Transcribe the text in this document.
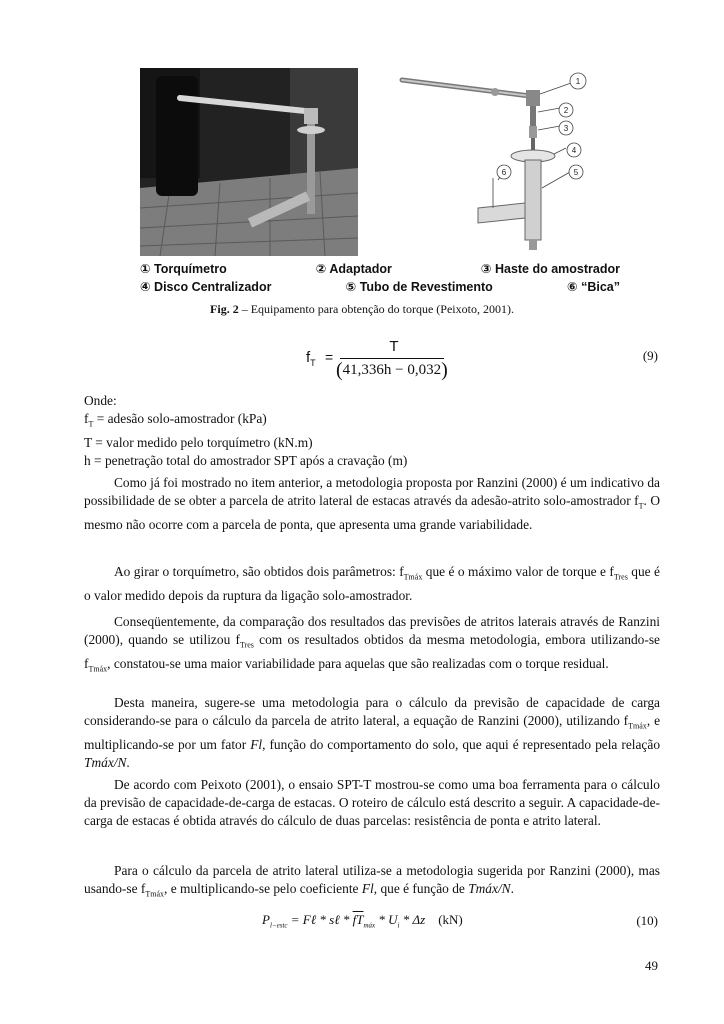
1
2
3
4
5
6
① Torquímetro	② Adaptador	③ Haste do amostrador
④ Disco Centralizador	⑤ Tubo de Revestimento	⑥ “Bica”
Fig. 2 – Equipamento para obtenção do torque (Peixoto, 2001).
$f_T$ =
T
(41,336h − 0,032)
(9)
Onde:
$f_T$ = adesão solo-amostrador (kPa)
T = valor medido pelo torquímetro (kN.m)
h = penetração total do amostrador SPT após a cravação (m)
Como já foi mostrado no item anterior, a metodologia proposta por Ranzini (2000) é um indicativo da possibilidade de se obter a parcela de atrito lateral de estacas através da adesão-atrito solo-amostrador $f_T$. O mesmo não ocorre com a parcela de ponta, que apresenta uma grande variabilidade.
Ao girar o torquímetro, são obtidos dois parâmetros: $f_{Tmáx}$ que é o máximo valor de torque e $f_{Tres}$ que é o valor medido depois da ruptura da ligação solo-amostrador.
Conseqüentemente, da comparação dos resultados das previsões de atritos laterais através de Ranzini (2000), quando se utilizou $f_{Tres}$ com os resultados obtidos da mesma metodologia, embora utilizando-se $f_{Tmáx}$, constatou-se uma maior variabilidade para aquelas que são realizadas com o torque residual.
Desta maneira, sugere-se uma metodologia para o cálculo da previsão de capacidade de carga considerando-se para o cálculo da parcela de atrito lateral, a equação de Ranzini (2000), utilizando $f_{Tmáx}$, e multiplicando-se por um fator Fl, função do comportamento do solo, que aqui é representado pela relação Tmáx/N.
De acordo com Peixoto (2001), o ensaio SPT-T mostrou-se como uma boa ferramenta para o cálculo da previsão de capacidade-de-carga de estacas. O roteiro de cálculo está descrito a seguir. A capacidade-de-carga de estacas é obtida através do cálculo de duas parcelas: resistência de ponta e atrito lateral.
Para o cálculo da parcela de atrito lateral utiliza-se a metodologia sugerida por Ranzini (2000), mas usando-se $f_{Tmáx}$, e multiplicando-se pelo coeficiente Fl, que é função de Tmáx/N.
$P_{l-estc}$ = Fℓ * sℓ * $\overline{fT}_{máx} * U_i$ * Δz (kN)	(10)
49
